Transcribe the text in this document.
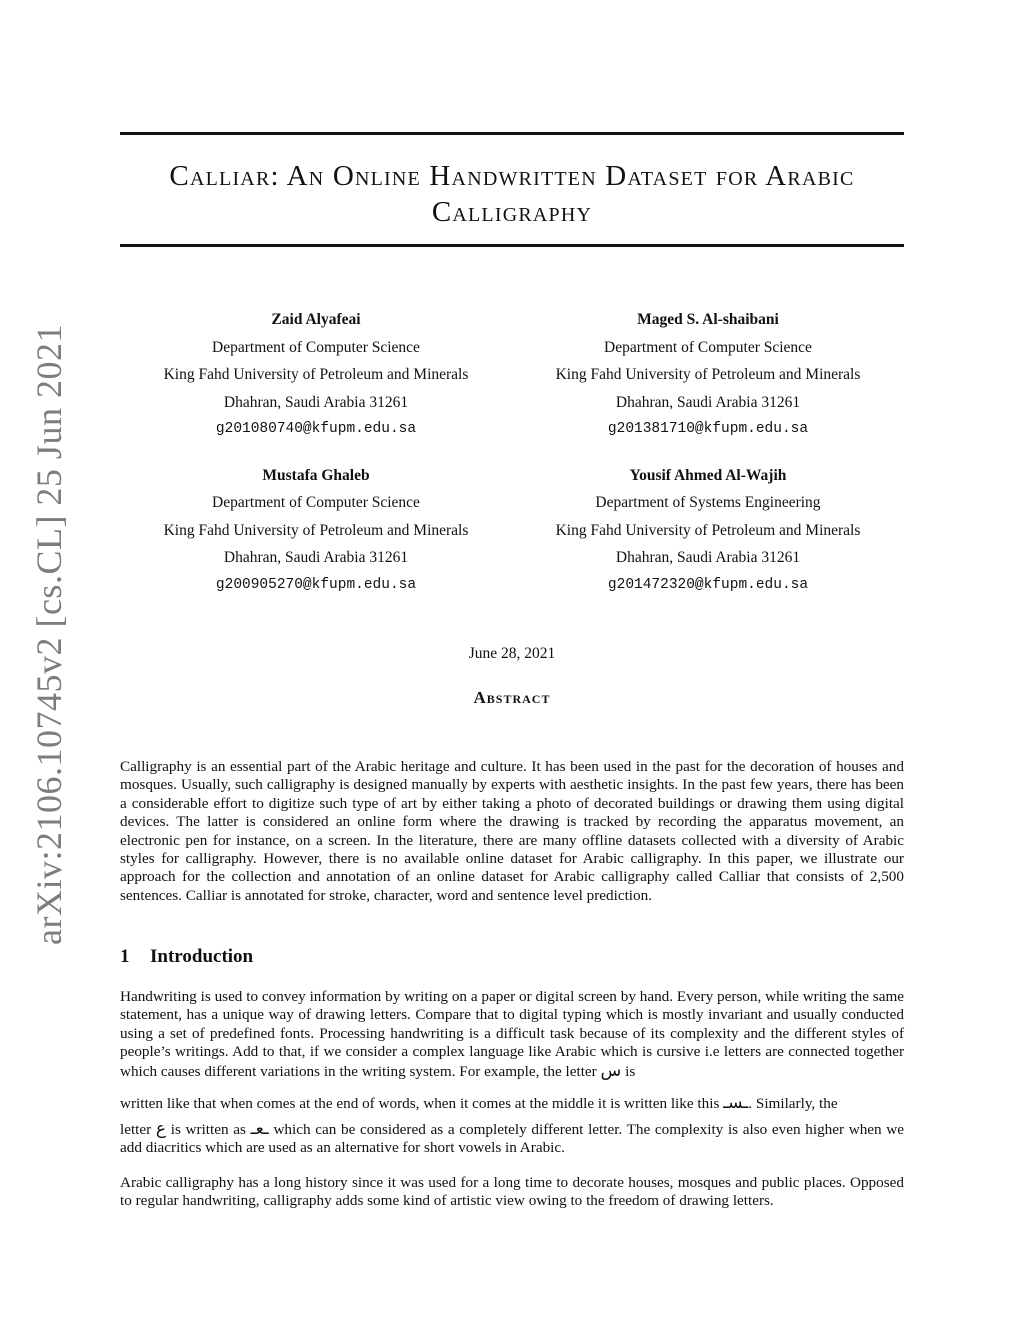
arXiv:2106.10745v2 [cs.CL] 25 Jun 2021
Calliar: An Online Handwritten Dataset for Arabic
Calligraphy
Zaid Alyafeai
Department of Computer Science
King Fahd University of Petroleum and Minerals
Dhahran, Saudi Arabia 31261
g201080740@kfupm.edu.sa
Maged S. Al-shaibani
Department of Computer Science
King Fahd University of Petroleum and Minerals
Dhahran, Saudi Arabia 31261
g201381710@kfupm.edu.sa
Mustafa Ghaleb
Department of Computer Science
King Fahd University of Petroleum and Minerals
Dhahran, Saudi Arabia 31261
g200905270@kfupm.edu.sa
Yousif Ahmed Al-Wajih
Department of Systems Engineering
King Fahd University of Petroleum and Minerals
Dhahran, Saudi Arabia 31261
g201472320@kfupm.edu.sa
June 28, 2021
Abstract
Calligraphy is an essential part of the Arabic heritage and culture. It has been used in the past for the decoration of houses and mosques. Usually, such calligraphy is designed manually by experts with aesthetic insights. In the past few years, there has been a considerable effort to digitize such type of art by either taking a photo of decorated buildings or drawing them using digital devices. The latter is considered an online form where the drawing is tracked by recording the apparatus movement, an electronic pen for instance, on a screen. In the literature, there are many offline datasets collected with a diversity of Arabic styles for calligraphy. However, there is no available online dataset for Arabic calligraphy. In this paper, we illustrate our approach for the collection and annotation of an online dataset for Arabic calligraphy called Calliar that consists of 2,500 sentences. Calliar is annotated for stroke, character, word and sentence level prediction.
1 Introduction
Handwriting is used to convey information by writing on a paper or digital screen by hand. Every person, while writing the same statement, has a unique way of drawing letters. Compare that to digital typing which is mostly invariant and usually conducted using a set of predefined fonts. Processing handwriting is a difficult task because of its complexity and the different styles of people’s writings. Add to that, if we consider a complex language like Arabic which is cursive i.e letters are connected together which causes different variations in the writing system. For example, the letter س is
written like that when comes at the end of words, when it comes at the middle it is written like this ـسـ. Similarly, the
letter ع is written as ـعـ which can be considered as a completely different letter. The complexity is also even higher when we add diacritics which are used as an alternative for short vowels in Arabic.
Arabic calligraphy has a long history since it was used for a long time to decorate houses, mosques and public places. Opposed to regular handwriting, calligraphy adds some kind of artistic view owing to the freedom of drawing letters.
